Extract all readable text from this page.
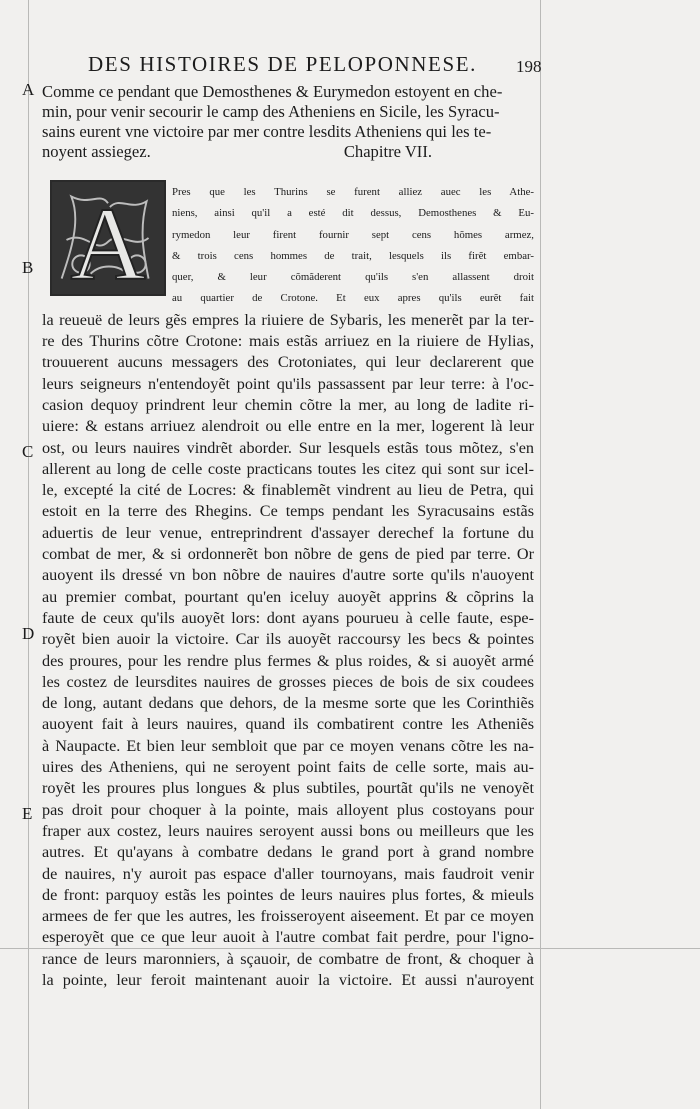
DES HISTOIRES DE PELOPONNESE.	198
A
B
C
D
E
Comme ce pendant que Demosthenes & Eurymedon estoyent en che-
min, pour venir secourir le camp des Atheniens en Sicile, les Syracu-
sains eurent vne victoire par mer contre lesdits Atheniens qui les te-
noyent assiegez.	Chapitre VII.
A	Pres que les Thurins se furent alliez auec les Athe-
niens, ainsi qu'il a esté dit dessus, Demosthenes & Eu-
rymedon leur firent fournir sept cens hõmes armez,
& trois cens hommes de trait, lesquels ils firẽt embar-
quer, & leur cõmãderent qu'ils s'en allassent droit
au quartier de Crotone. Et eux apres qu'ils eurẽt fait
la reueuë de leurs gẽs empres la riuiere de Sybaris, les menerẽt par la ter-
re des Thurins cõtre Crotone: mais estãs arriuez en la riuiere de Hylias,
trouuerent aucuns messagers des Crotoniates, qui leur declarerent que
leurs seigneurs n'entendoyẽt point qu'ils passassent par leur terre: à l'oc-
casion dequoy prindrent leur chemin cõtre la mer, au long de ladite ri-
uiere: & estans arriuez alendroit ou elle entre en la mer, logerent là leur
ost, ou leurs nauires vindrẽt aborder. Sur lesquels estãs tous mõtez, s'en
allerent au long de celle coste practicans toutes les citez qui sont sur icel-
le, excepté la cité de Locres: & finablemẽt vindrent au lieu de Petra, qui
estoit en la terre des Rhegins. Ce temps pendant les Syracusains estãs
aduertis de leur venue, entreprindrent d'assayer derechef la fortune du
combat de mer, & si ordonnerẽt bon nõbre de gens de pied par terre. Or
auoyent ils dressé vn bon nõbre de nauires d'autre sorte qu'ils n'auoyent
au premier combat, pourtant qu'en iceluy auoyẽt apprins & cõprins la
faute de ceux qu'ils auoyẽt lors: dont ayans pourueu à celle faute, espe-
royẽt bien auoir la victoire. Car ils auoyẽt raccoursy les becs & pointes
des proures, pour les rendre plus fermes & plus roides, & si auoyẽt armé
les costez de leursdites nauires de grosses pieces de bois de six coudees
de long, autant dedans que dehors, de la mesme sorte que les Corinthiẽs
auoyent fait à leurs nauires, quand ils combatirent contre les Atheniẽs
à Naupacte. Et bien leur sembloit que par ce moyen venans cõtre les na-
uires des Atheniens, qui ne seroyent point faits de celle sorte, mais au-
royẽt les proures plus longues & plus subtiles, pourtãt qu'ils ne venoyẽt
pas droit pour choquer à la pointe, mais alloyent plus costoyans pour
fraper aux costez, leurs nauires seroyent aussi bons ou meilleurs que les
autres. Et qu'ayans à combatre dedans le grand port à grand nombre
de nauires, n'y auroit pas espace d'aller tournoyans, mais faudroit venir
de front: parquoy estãs les pointes de leurs nauires plus fortes, & mieuls
armees de fer que les autres, les froisseroyent aiseement. Et par ce moyen
esperoyẽt que ce que leur auoit à l'autre combat fait perdre, pour l'igno-
rance de leurs maronniers, à sçauoir, de combatre de front, & choquer à
la pointe, leur feroit maintenant auoir la victoire. Et aussi n'auroyent
